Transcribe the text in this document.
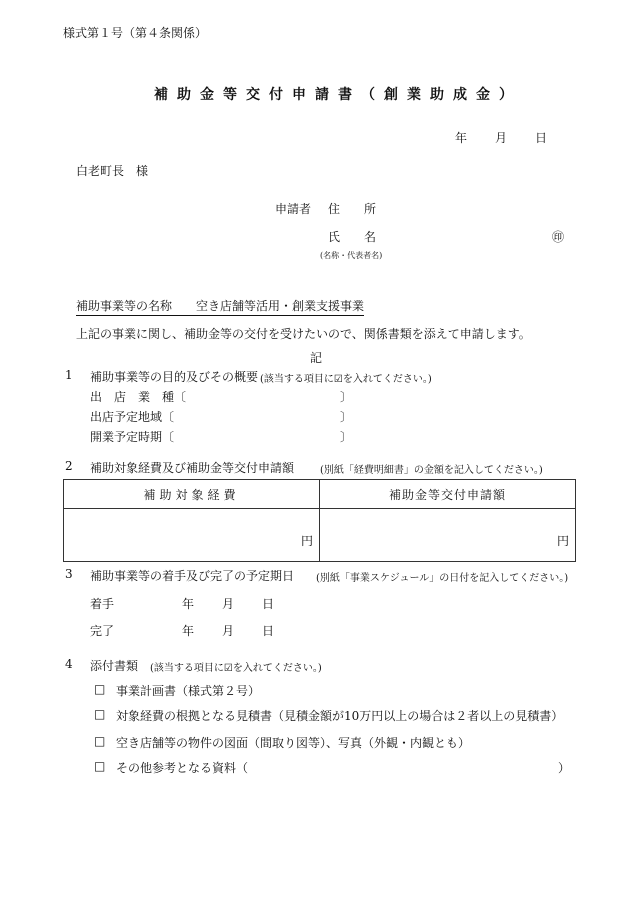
様式第１号（第４条関係）
補助金等交付申請書（創業助成金）
年 月 日
白老町長　様
申請者 住　　所
氏　　名	㊞
(名称・代表者名)
補助事業等の名称　　空き店舗等活用・創業支援事業
上記の事業に関し、補助金等の交付を受けたいので、関係書類を添えて申請します。
記
1 補助事業等の目的及びその概要 (該当する項目に☑を入れてください。)
出　店　業　種〔	〕
出店予定地域〔	〕
開業予定時期〔	〕
2 補助対象経費及び補助金等交付申請額	(別紙「経費明細書」の金額を記入してください。)
補助対象経費	補助金等交付申請額
円	円
3 補助事業等の着手及び完了の予定期日 (別紙「事業スケジュール」の日付を記入してください。)
着手	年 月 日
完了	年 月 日
4 添付書類 (該当する項目に☑を入れてください。)
□ 事業計画書（様式第２号）
□ 対象経費の根拠となる見積書（見積金額が10万円以上の場合は２者以上の見積書）
□ 空き店舗等の物件の図面（間取り図等）、写真（外観・内観とも）
□ その他参考となる資料（	）
